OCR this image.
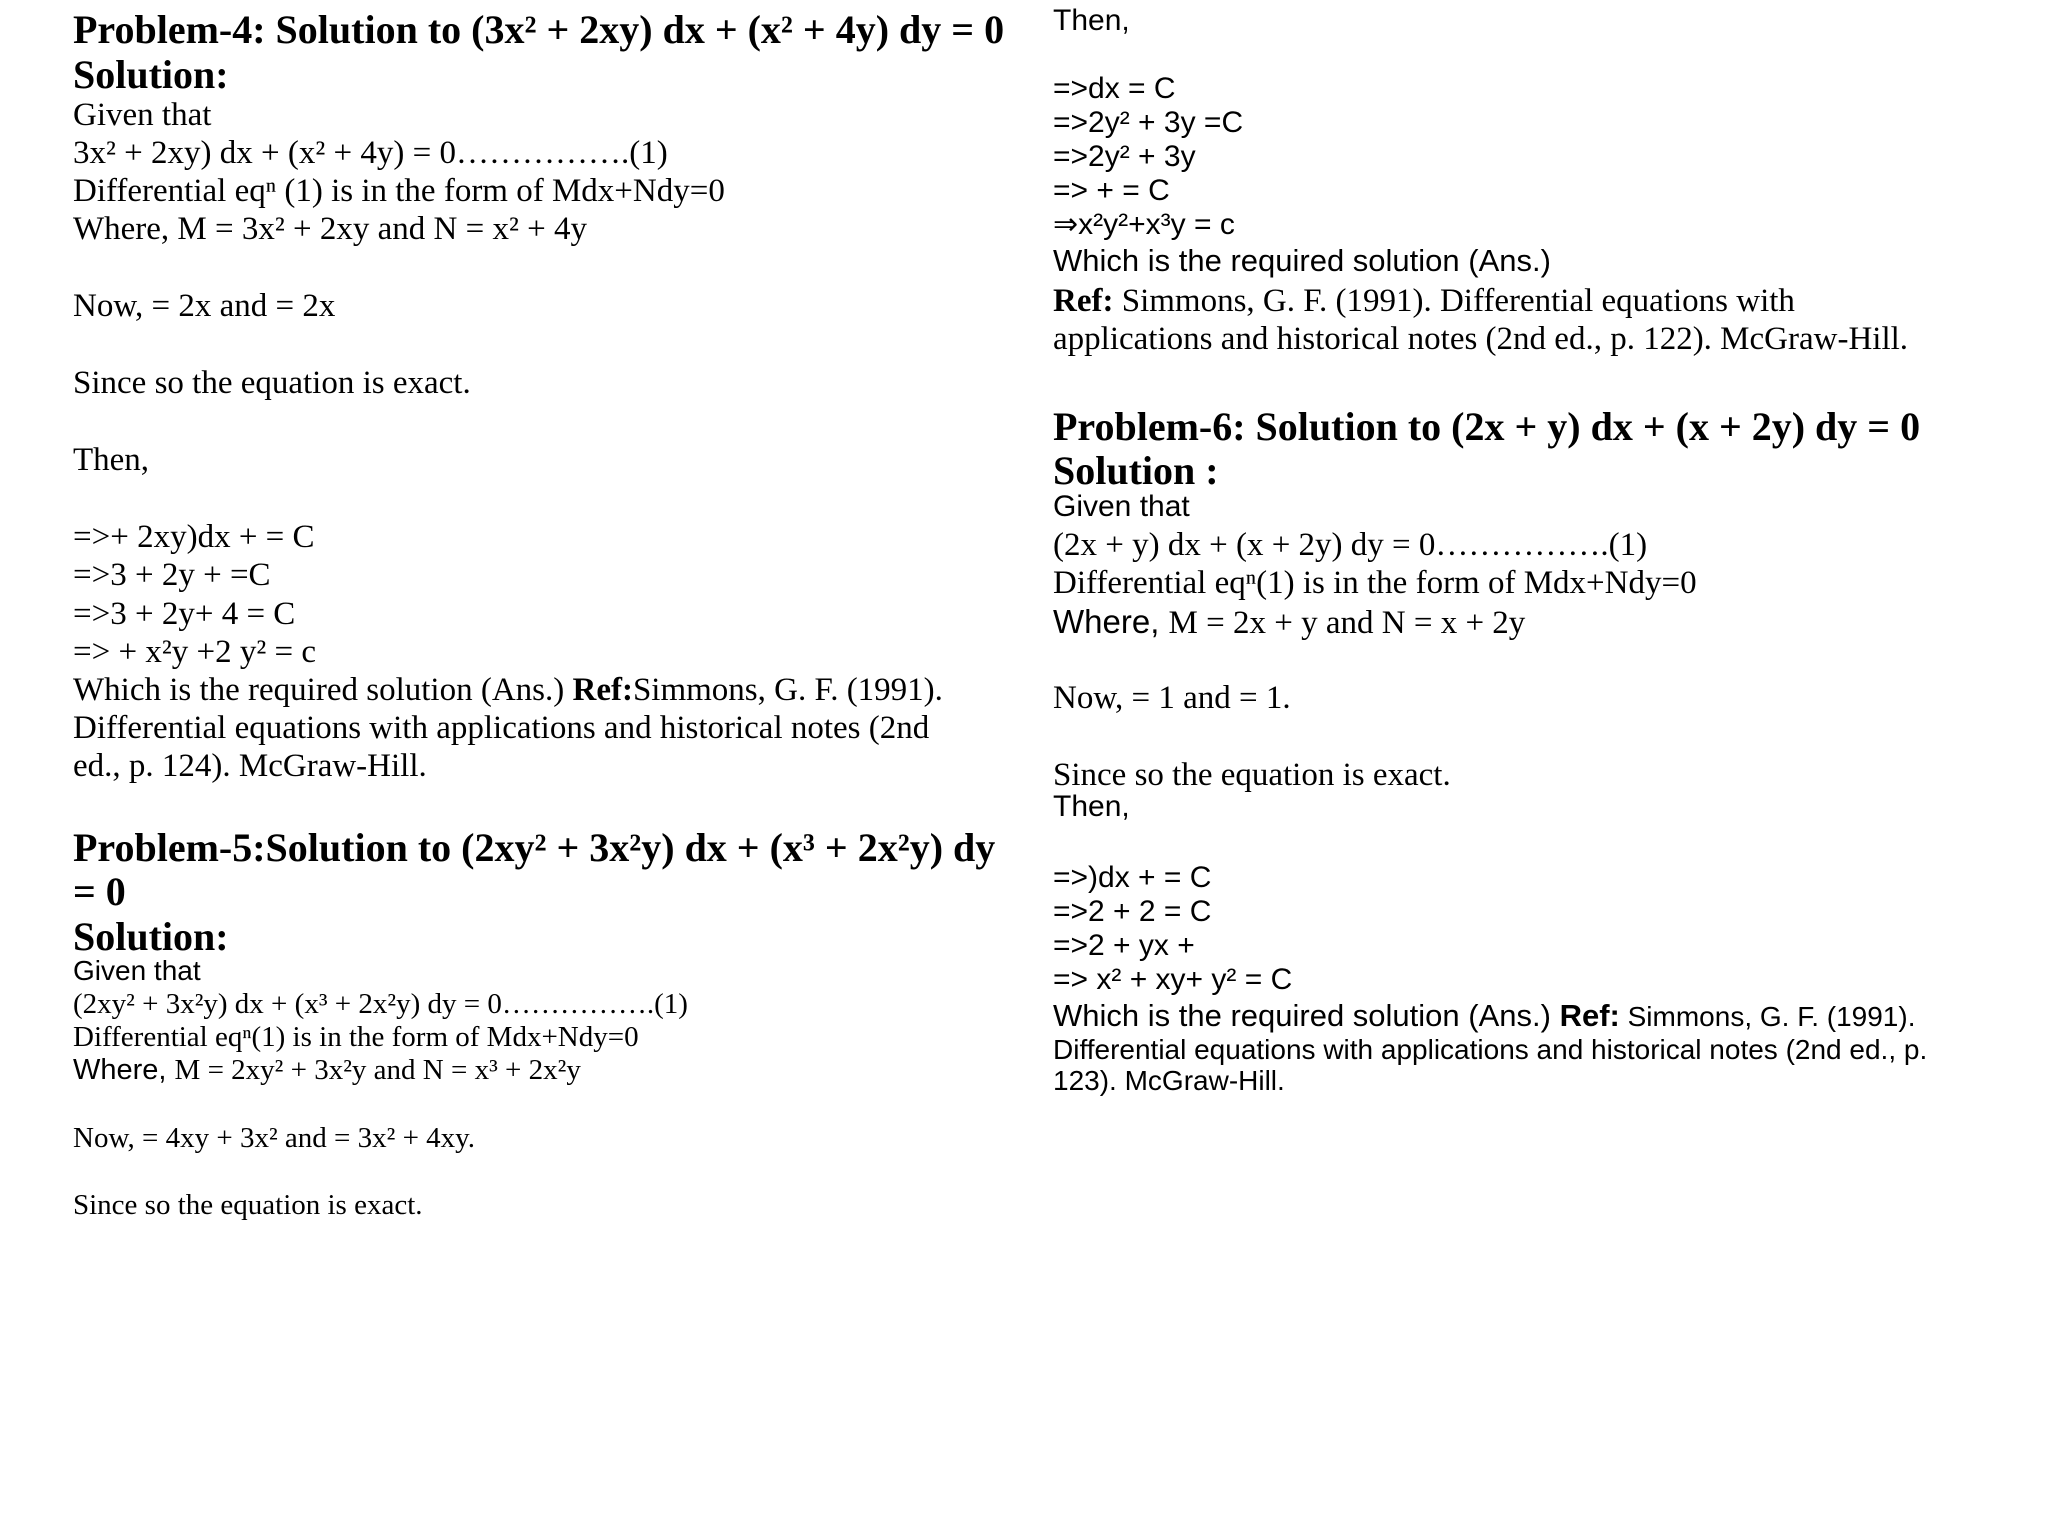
Problem-4: Solution to (3x² + 2xy) dx + (x² + 4y) dy = 0
Solution:
Given that
3x² + 2xy) dx + (x² + 4y) = 0…………….(1)
Differential eqⁿ (1) is in the form of Mdx+Ndy=0
Where, M = 3x² + 2xy and N = x² + 4y
Now, = 2x and = 2x
Since so the equation is exact.
Then,
=>+ 2xy)dx + = C
=>3 + 2y + =C
=>3 + 2y+ 4 = C
=> + x²y +2 y² = c
Which is the required solution (Ans.) Ref:Simmons, G. F. (1991).
Differential equations with applications and historical notes (2nd
ed., p. 124). McGraw-Hill.
Problem-5:Solution to (2xy² + 3x²y) dx + (x³ + 2x²y) dy
= 0
Solution:
Given that
(2xy² + 3x²y) dx + (x³ + 2x²y) dy = 0…………….(1)
Differential eqⁿ(1) is in the form of Mdx+Ndy=0
Where, M = 2xy² + 3x²y and N = x³ + 2x²y
Now, = 4xy + 3x² and = 3x² + 4xy.
Since so the equation is exact.
Then,
=>dx = C
=>2y² + 3y =C
=>2y² + 3y
=> + = C
⇒x²y²+x³y = c
Which is the required solution (Ans.)
Ref: Simmons, G. F. (1991). Differential equations with
applications and historical notes (2nd ed., p. 122). McGraw-Hill.
Problem-6: Solution to (2x + y) dx + (x + 2y) dy = 0
Solution :
Given that
(2x + y) dx + (x + 2y) dy = 0…………….(1)
Differential eqⁿ(1) is in the form of Mdx+Ndy=0
Where, M = 2x + y and N = x + 2y
Now, = 1 and = 1.
Since so the equation is exact.
Then,
=>)dx + = C
=>2 + 2 = C
=>2 + yx +
=> x² + xy+ y² = C
Which is the required solution (Ans.) Ref: Simmons, G. F. (1991).
Differential equations with applications and historical notes (2nd ed., p.
123). McGraw-Hill.
